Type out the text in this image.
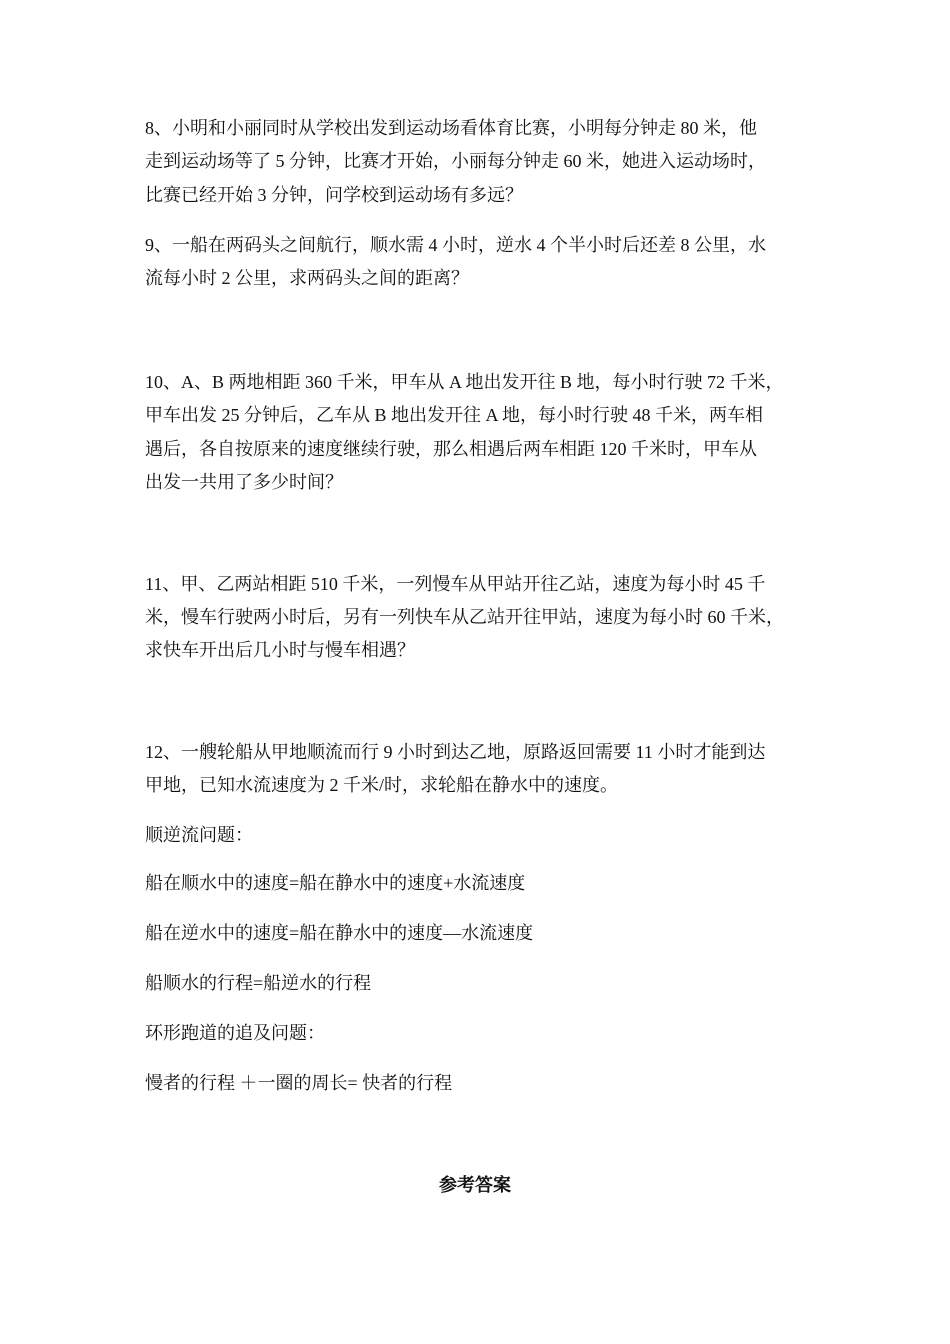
8、小明和小丽同时从学校出发到运动场看体育比赛，小明每分钟走 80 米，他
走到运动场等了 5 分钟，比赛才开始，小丽每分钟走 60 米，她进入运动场时，
比赛已经开始 3 分钟，问学校到运动场有多远？
9、一船在两码头之间航行，顺水需 4 小时，逆水 4 个半小时后还差 8 公里，水
流每小时 2 公里，求两码头之间的距离？
10、A、B 两地相距 360 千米，甲车从 A 地出发开往 B 地，每小时行驶 72 千米，
甲车出发 25 分钟后，乙车从 B 地出发开往 A 地，每小时行驶 48 千米，两车相
遇后，各自按原来的速度继续行驶，那么相遇后两车相距 120 千米时，甲车从
出发一共用了多少时间？
11、甲、乙两站相距 510 千米，一列慢车从甲站开往乙站，速度为每小时 45 千
米，慢车行驶两小时后，另有一列快车从乙站开往甲站，速度为每小时 60 千米，
求快车开出后几小时与慢车相遇？
12、一艘轮船从甲地顺流而行 9 小时到达乙地，原路返回需要 11 小时才能到达
甲地，已知水流速度为 2 千米/时，求轮船在静水中的速度。
顺逆流问题：
船在顺水中的速度=船在静水中的速度+水流速度
船在逆水中的速度=船在静水中的速度—水流速度
船顺水的行程=船逆水的行程
环形跑道的追及问题：
慢者的行程 ＋一圈的周长= 快者的行程
参考答案
